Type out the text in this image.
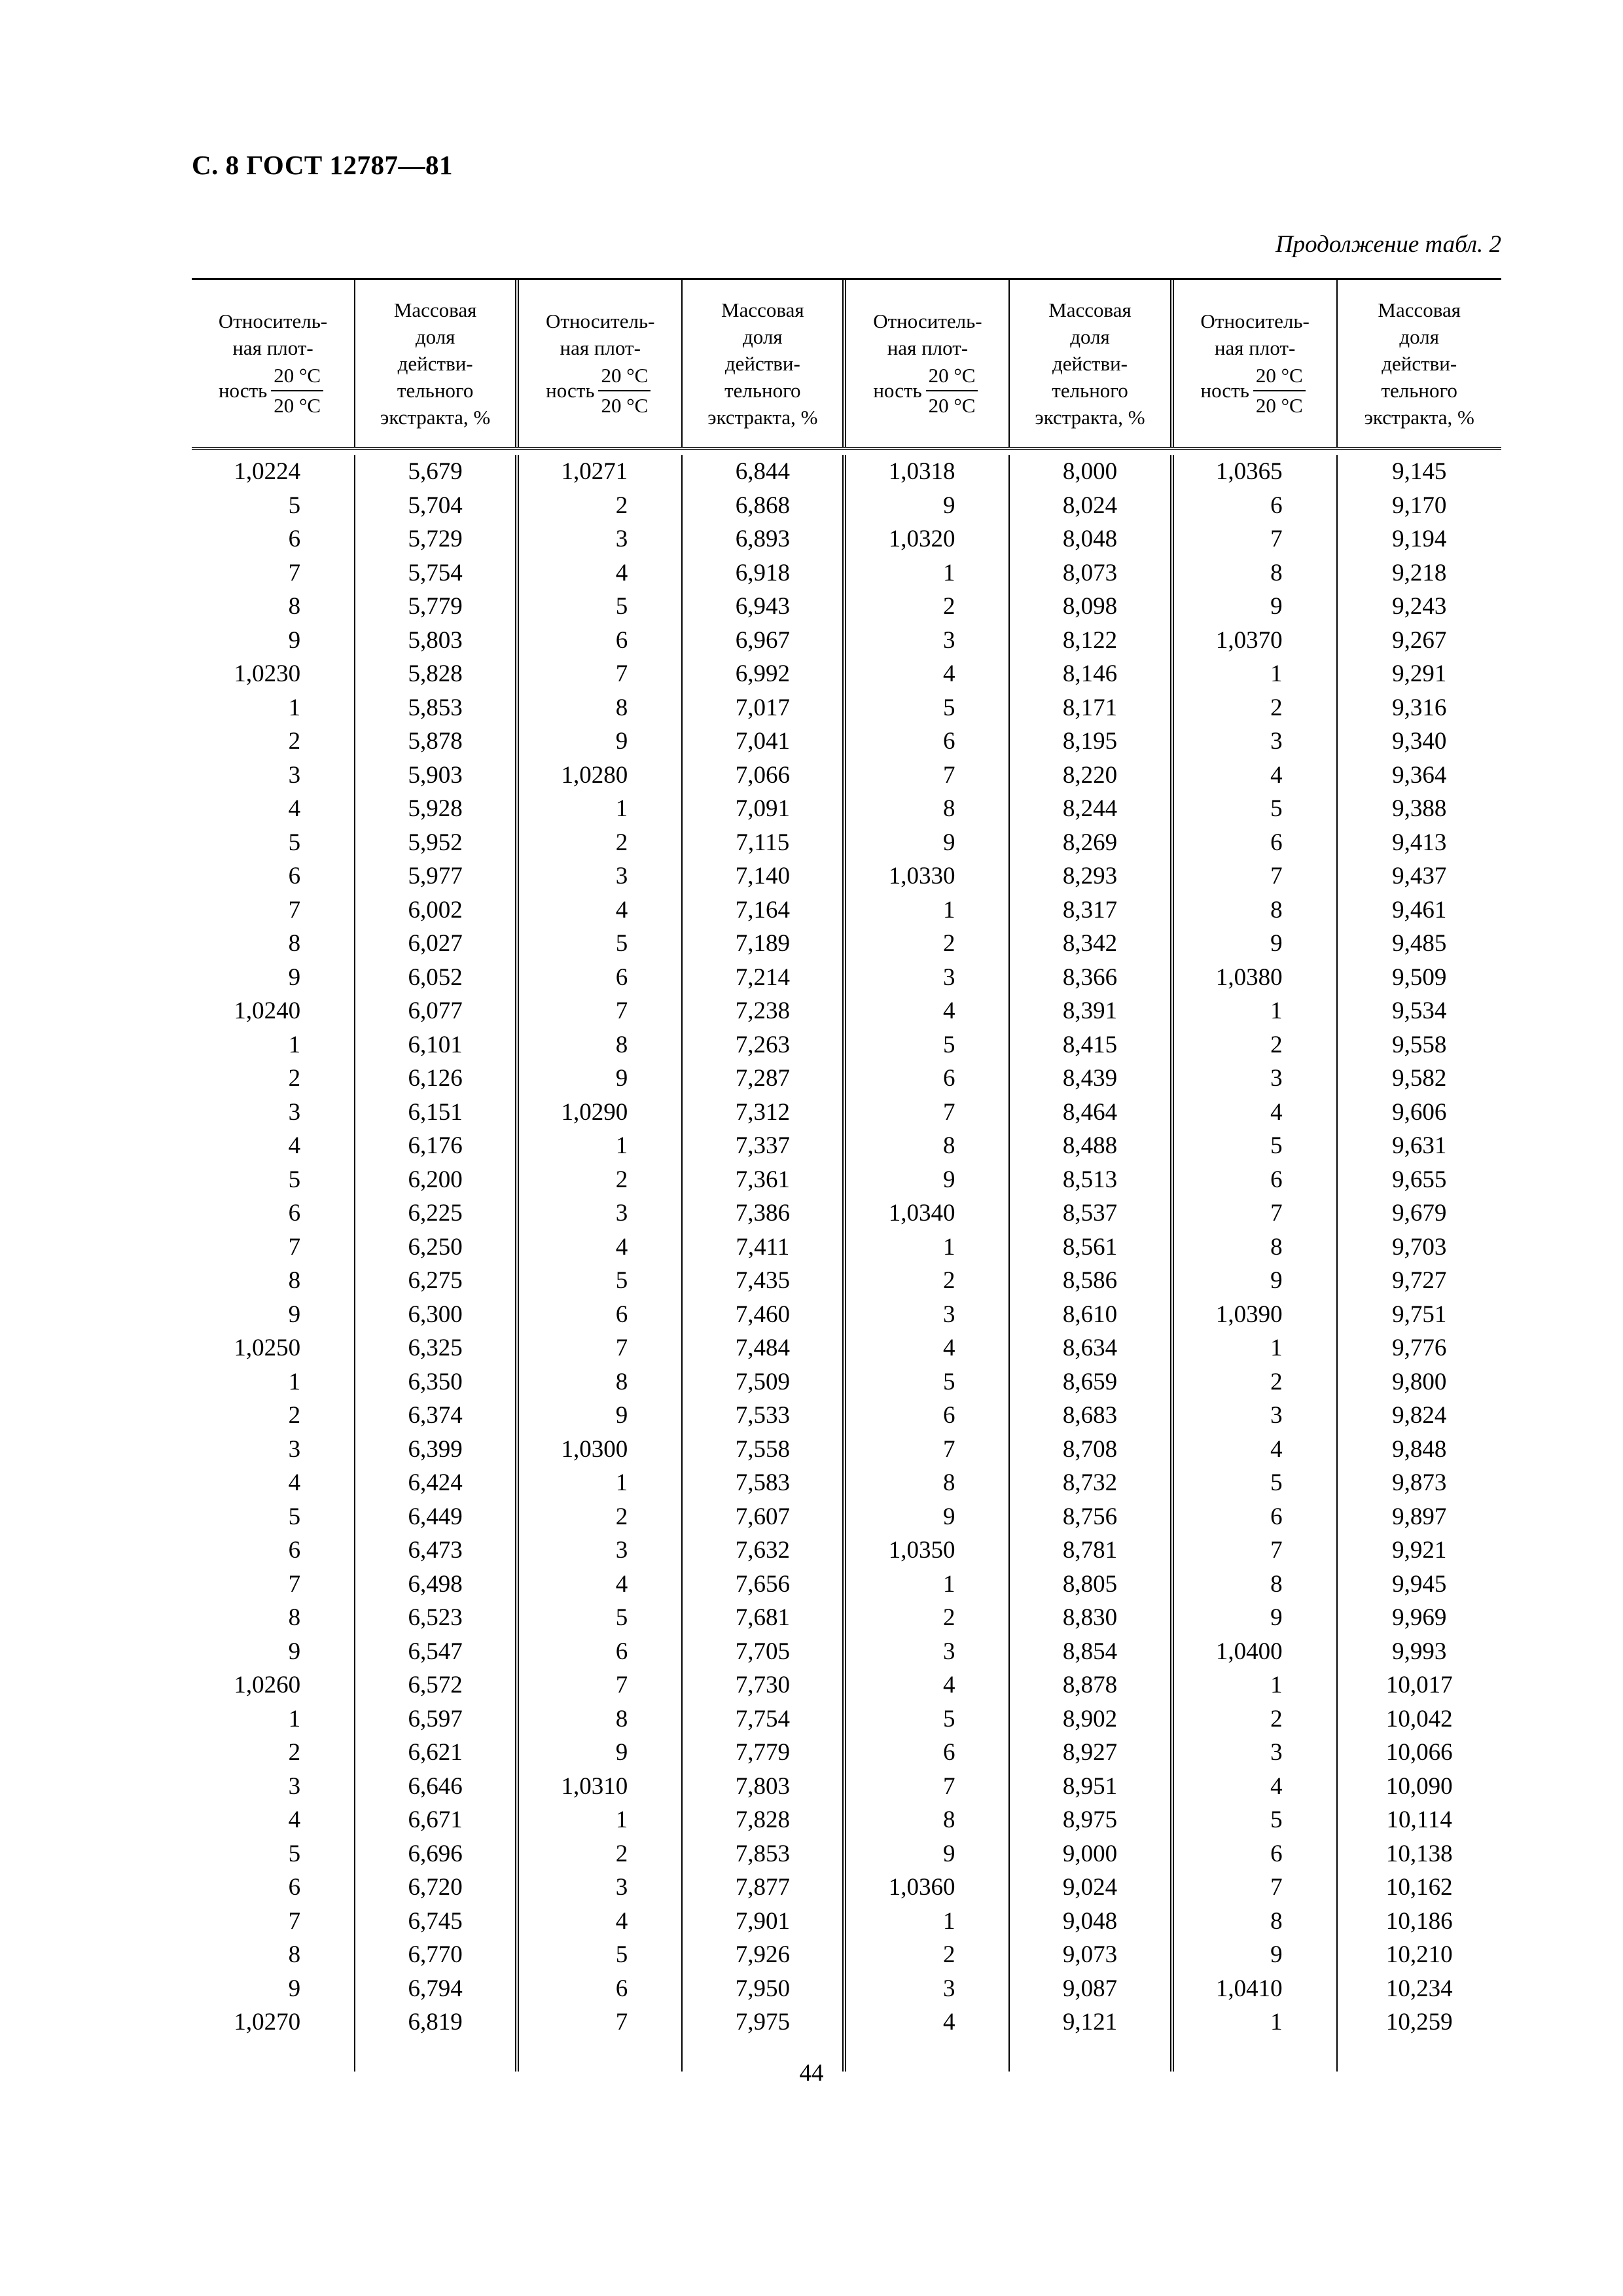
С. 8 ГОСТ 12787—81
Продолжение табл. 2
Относитель-
ная плот-
ность $\frac{20 ^\circ C}{20 ^\circ C}$
Массовая
доля
действи-
тельного
экстракта, %
Относитель-
ная плот-
ность $\frac{20 ^\circ C}{20 ^\circ C}$
Массовая
доля
действи-
тельного
экстракта, %
Относитель-
ная плот-
ность $\frac{20 ^\circ C}{20 ^\circ C}$
Массовая
доля
действи-
тельного
экстракта, %
Относитель-
ная плот-
ность $\frac{20 ^\circ C}{20 ^\circ C}$
Массовая
доля
действи-
тельного
экстракта, %
1,0224
5
6
7
8
9
1,0230
1
2
3
4
5
6
7
8
9
1,0240
1
2
3
4
5
6
7
8
9
1,0250
1
2
3
4
5
6
7
8
9
1,0260
1
2
3
4
5
6
7
8
9
1,0270
5,679
5,704
5,729
5,754
5,779
5,803
5,828
5,853
5,878
5,903
5,928
5,952
5,977
6,002
6,027
6,052
6,077
6,101
6,126
6,151
6,176
6,200
6,225
6,250
6,275
6,300
6,325
6,350
6,374
6,399
6,424
6,449
6,473
6,498
6,523
6,547
6,572
6,597
6,621
6,646
6,671
6,696
6,720
6,745
6,770
6,794
6,819
1,0271
2
3
4
5
6
7
8
9
1,0280
1
2
3
4
5
6
7
8
9
1,0290
1
2
3
4
5
6
7
8
9
1,0300
1
2
3
4
5
6
7
8
9
1,0310
1
2
3
4
5
6
7
6,844
6,868
6,893
6,918
6,943
6,967
6,992
7,017
7,041
7,066
7,091
7,115
7,140
7,164
7,189
7,214
7,238
7,263
7,287
7,312
7,337
7,361
7,386
7,411
7,435
7,460
7,484
7,509
7,533
7,558
7,583
7,607
7,632
7,656
7,681
7,705
7,730
7,754
7,779
7,803
7,828
7,853
7,877
7,901
7,926
7,950
7,975
1,0318
9
1,0320
1
2
3
4
5
6
7
8
9
1,0330
1
2
3
4
5
6
7
8
9
1,0340
1
2
3
4
5
6
7
8
9
1,0350
1
2
3
4
5
6
7
8
9
1,0360
1
2
3
4
8,000
8,024
8,048
8,073
8,098
8,122
8,146
8,171
8,195
8,220
8,244
8,269
8,293
8,317
8,342
8,366
8,391
8,415
8,439
8,464
8,488
8,513
8,537
8,561
8,586
8,610
8,634
8,659
8,683
8,708
8,732
8,756
8,781
8,805
8,830
8,854
8,878
8,902
8,927
8,951
8,975
9,000
9,024
9,048
9,073
9,087
9,121
1,0365
6
7
8
9
1,0370
1
2
3
4
5
6
7
8
9
1,0380
1
2
3
4
5
6
7
8
9
1,0390
1
2
3
4
5
6
7
8
9
1,0400
1
2
3
4
5
6
7
8
9
1,0410
1
9,145
9,170
9,194
9,218
9,243
9,267
9,291
9,316
9,340
9,364
9,388
9,413
9,437
9,461
9,485
9,509
9,534
9,558
9,582
9,606
9,631
9,655
9,679
9,703
9,727
9,751
9,776
9,800
9,824
9,848
9,873
9,897
9,921
9,945
9,969
9,993
10,017
10,042
10,066
10,090
10,114
10,138
10,162
10,186
10,210
10,234
10,259
44
